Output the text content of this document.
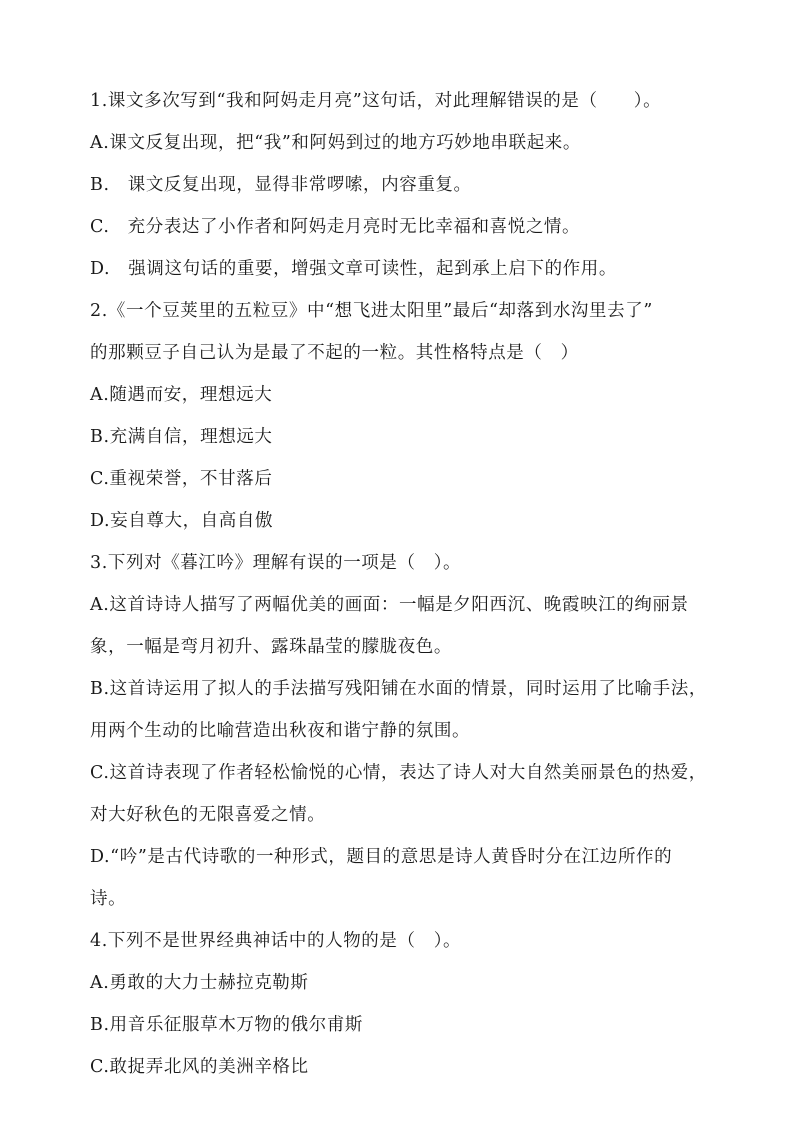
1.课文多次写到“我和阿妈走月亮”这句话，对此理解错误的是（　　）。
A.课文反复出现，把“我”和阿妈到过的地方巧妙地串联起来。
B.　课文反复出现，显得非常啰嗦，内容重复。
C.　充分表达了小作者和阿妈走月亮时无比幸福和喜悦之情。
D.　强调这句话的重要，增强文章可读性，起到承上启下的作用。
2.《一个豆荚里的五粒豆》中“想飞进太阳里”最后“却落到水沟里去了”
的那颗豆子自己认为是最了不起的一粒。其性格特点是（　）
A.随遇而安，理想远大
B.充满自信，理想远大
C.重视荣誉，不甘落后
D.妄自尊大，自高自傲
3.下列对《暮江吟》理解有误的一项是（　）。
A.这首诗诗人描写了两幅优美的画面：一幅是夕阳西沉、晚霞映江的绚丽景
象，一幅是弯月初升、露珠晶莹的朦胧夜色。
B.这首诗运用了拟人的手法描写残阳铺在水面的情景，同时运用了比喻手法，
用两个生动的比喻营造出秋夜和谐宁静的氛围。
C.这首诗表现了作者轻松愉悦的心情，表达了诗人对大自然美丽景色的热爱，
对大好秋色的无限喜爱之情。
D.“吟”是古代诗歌的一种形式，题目的意思是诗人黄昏时分在江边所作的
诗。
4.下列不是世界经典神话中的人物的是（　）。
A.勇敢的大力士赫拉克勒斯
B.用音乐征服草木万物的俄尔甫斯
C.敢捉弄北风的美洲辛格比
